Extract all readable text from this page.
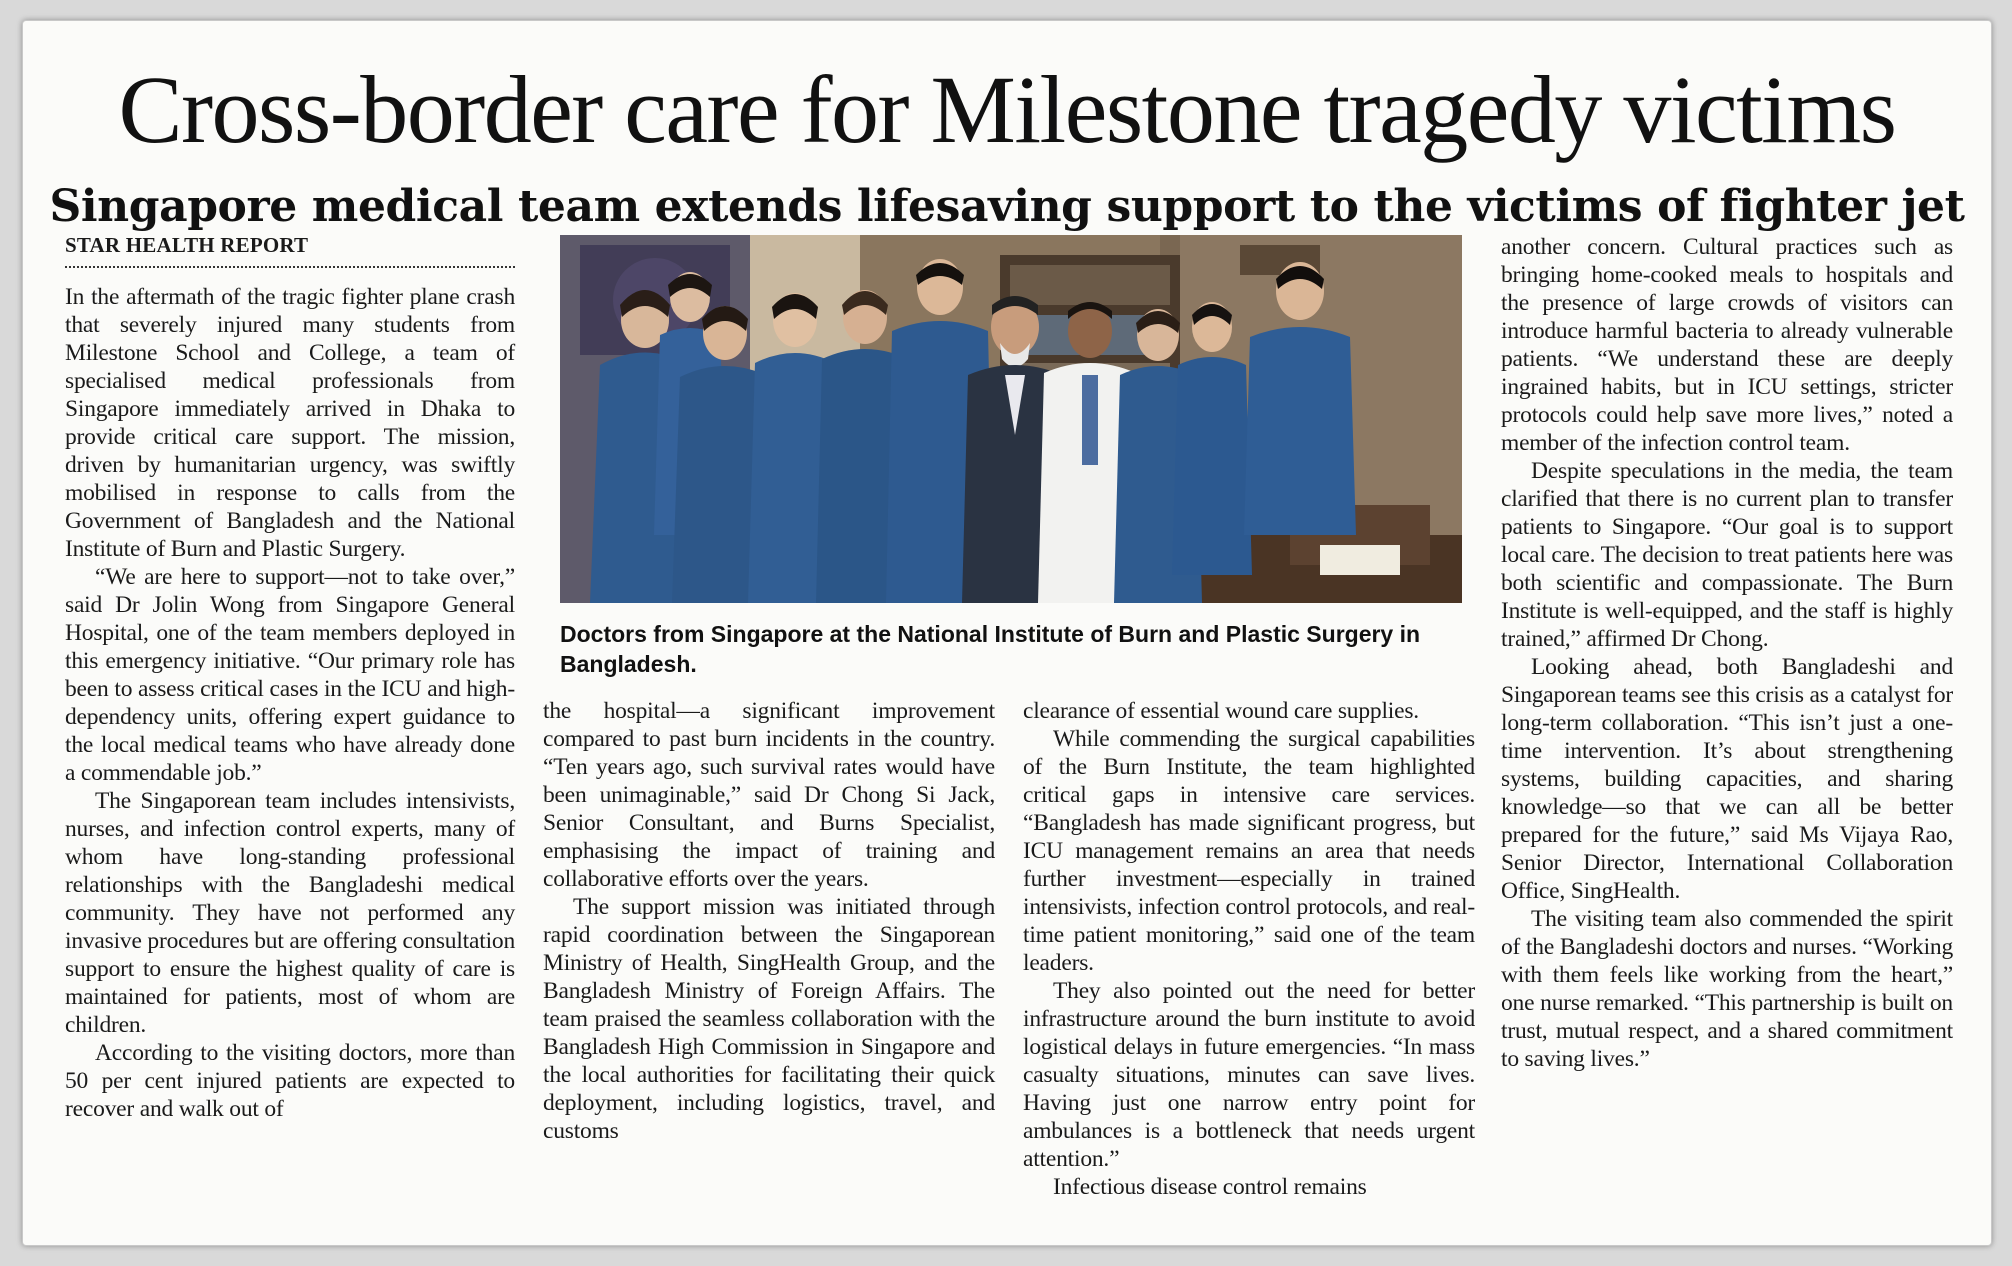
Cross-border care for Milestone tragedy victims
Singapore medical team extends lifesaving support to the victims of fighter jet
STAR HEALTH REPORT

In the aftermath of the tragic fighter plane crash that severely injured many students from Milestone School and College, a team of specialised medical professionals from Singapore immediately arrived in Dhaka to provide critical care support. The mission, driven by humanitarian urgency, was swiftly mobilised in response to calls from the Government of Bangladesh and the National Institute of Burn and Plastic Surgery.

“We are here to support—not to take over,” said Dr Jolin Wong from Singapore General Hospital, one of the team members deployed in this emergency initiative. “Our primary role has been to assess critical cases in the ICU and high-dependency units, offering expert guidance to the local medical teams who have already done a commendable job.”

The Singaporean team includes intensivists, nurses, and infection control experts, many of whom have long-standing professional relationships with the Bangladeshi medical community. They have not performed any invasive procedures but are offering consultation support to ensure the highest quality of care is maintained for patients, most of whom are children.

According to the visiting doctors, more than 50 per cent injured patients are expected to recover and walk out of

Doctors from Singapore at the National Institute of Burn and Plastic Surgery in Bangladesh.

the hospital—a significant improvement compared to past burn incidents in the country. “Ten years ago, such survival rates would have been unimaginable,” said Dr Chong Si Jack, Senior Consultant, and Burns Specialist, emphasising the impact of training and collaborative efforts over the years.

The support mission was initiated through rapid coordination between the Singaporean Ministry of Health, SingHealth Group, and the Bangladesh Ministry of Foreign Affairs. The team praised the seamless collaboration with the Bangladesh High Commission in Singapore and the local authorities for facilitating their quick deployment, including logistics, travel, and customs

clearance of essential wound care supplies.

While commending the surgical capabilities of the Burn Institute, the team highlighted critical gaps in intensive care services. “Bangladesh has made significant progress, but ICU management remains an area that needs further investment—especially in trained intensivists, infection control protocols, and real-time patient monitoring,” said one of the team leaders.

They also pointed out the need for better infrastructure around the burn institute to avoid logistical delays in future emergencies. “In mass casualty situations, minutes can save lives. Having just one narrow entry point for ambulances is a bottleneck that needs urgent attention.”

Infectious disease control remains

another concern. Cultural practices such as bringing home-cooked meals to hospitals and the presence of large crowds of visitors can introduce harmful bacteria to already vulnerable patients. “We understand these are deeply ingrained habits, but in ICU settings, stricter protocols could help save more lives,” noted a member of the infection control team.

Despite speculations in the media, the team clarified that there is no current plan to transfer patients to Singapore. “Our goal is to support local care. The decision to treat patients here was both scientific and compassionate. The Burn Institute is well-equipped, and the staff is highly trained,” affirmed Dr Chong.

Looking ahead, both Bangladeshi and Singaporean teams see this crisis as a catalyst for long-term collaboration. “This isn’t just a one-time intervention. It’s about strengthening systems, building capacities, and sharing knowledge—so that we can all be better prepared for the future,” said Ms Vijaya Rao, Senior Director, International Collaboration Office, SingHealth.

The visiting team also commended the spirit of the Bangladeshi doctors and nurses. “Working with them feels like working from the heart,” one nurse remarked. “This partnership is built on trust, mutual respect, and a shared commitment to saving lives.”
